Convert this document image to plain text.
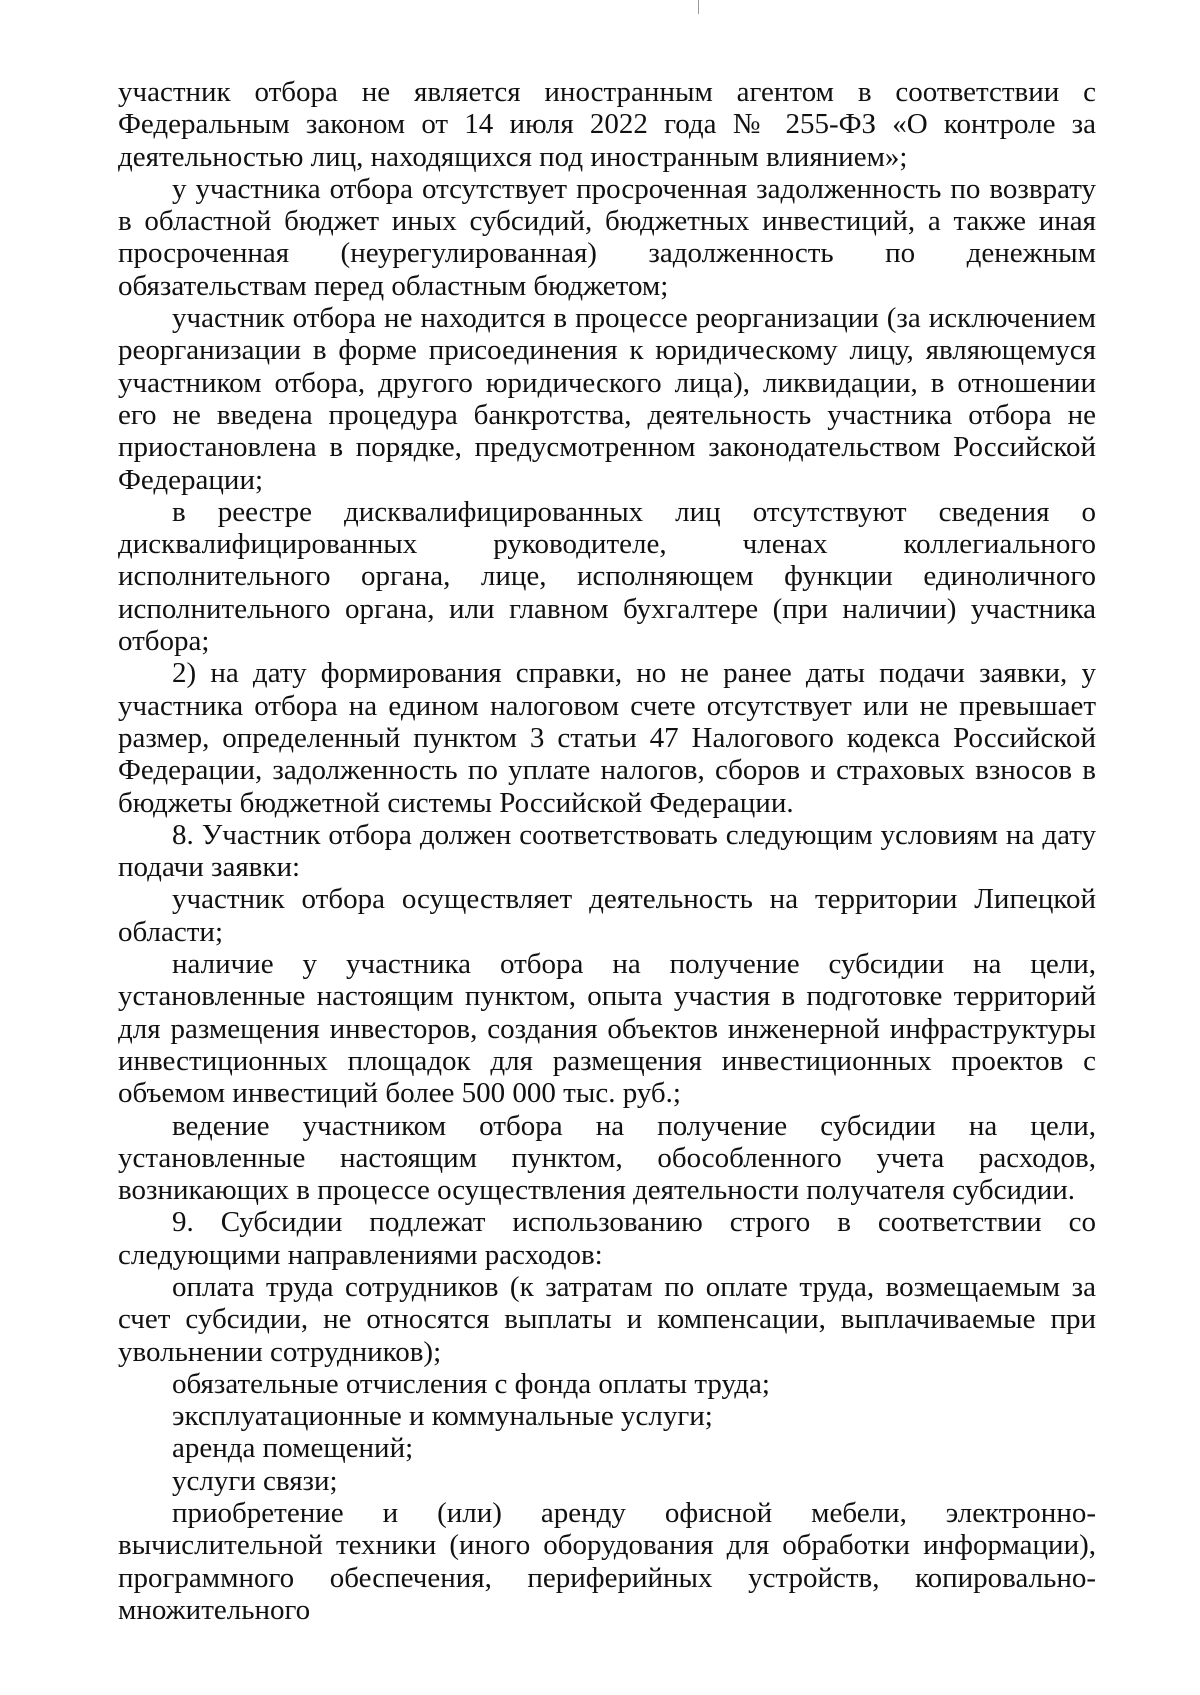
участник отбора не является иностранным агентом в соответствии с Федеральным законом от 14 июля 2022 года № 255-ФЗ «О контроле за деятельностью лиц, находящихся под иностранным влиянием»;

у участника отбора отсутствует просроченная задолженность по возврату в областной бюджет иных субсидий, бюджетных инвестиций, а также иная просроченная (неурегулированная) задолженность по денежным обязательствам перед областным бюджетом;

участник отбора не находится в процессе реорганизации (за исключением реорганизации в форме присоединения к юридическому лицу, являющемуся участником отбора, другого юридического лица), ликвидации, в отношении его не введена процедура банкротства, деятельность участника отбора не приостановлена в порядке, предусмотренном законодательством Российской Федерации;

в реестре дисквалифицированных лиц отсутствуют сведения о дисквалифицированных руководителе, членах коллегиального исполнительного органа, лице, исполняющем функции единоличного исполнительного органа, или главном бухгалтере (при наличии) участника отбора;

2) на дату формирования справки, но не ранее даты подачи заявки, у участника отбора на едином налоговом счете отсутствует или не превышает размер, определенный пунктом 3 статьи 47 Налогового кодекса Российской Федерации, задолженность по уплате налогов, сборов и страховых взносов в бюджеты бюджетной системы Российской Федерации.

8. Участник отбора должен соответствовать следующим условиям на дату подачи заявки:

участник отбора осуществляет деятельность на территории Липецкой области;

наличие у участника отбора на получение субсидии на цели, установленные настоящим пунктом, опыта участия в подготовке территорий для размещения инвесторов, создания объектов инженерной инфраструктуры инвестиционных площадок для размещения инвестиционных проектов с объемом инвестиций более 500 000 тыс. руб.;

ведение участником отбора на получение субсидии на цели, установленные настоящим пунктом, обособленного учета расходов, возникающих в процессе осуществления деятельности получателя субсидии.

9. Субсидии подлежат использованию строго в соответствии со следующими направлениями расходов:

оплата труда сотрудников (к затратам по оплате труда, возмещаемым за счет субсидии, не относятся выплаты и компенсации, выплачиваемые при увольнении сотрудников);

обязательные отчисления с фонда оплаты труда;

эксплуатационные и коммунальные услуги;

аренда помещений;

услуги связи;

приобретение и (или) аренду офисной мебели, электронно-вычислительной техники (иного оборудования для обработки информации), программного обеспечения, периферийных устройств, копировально-множительного
